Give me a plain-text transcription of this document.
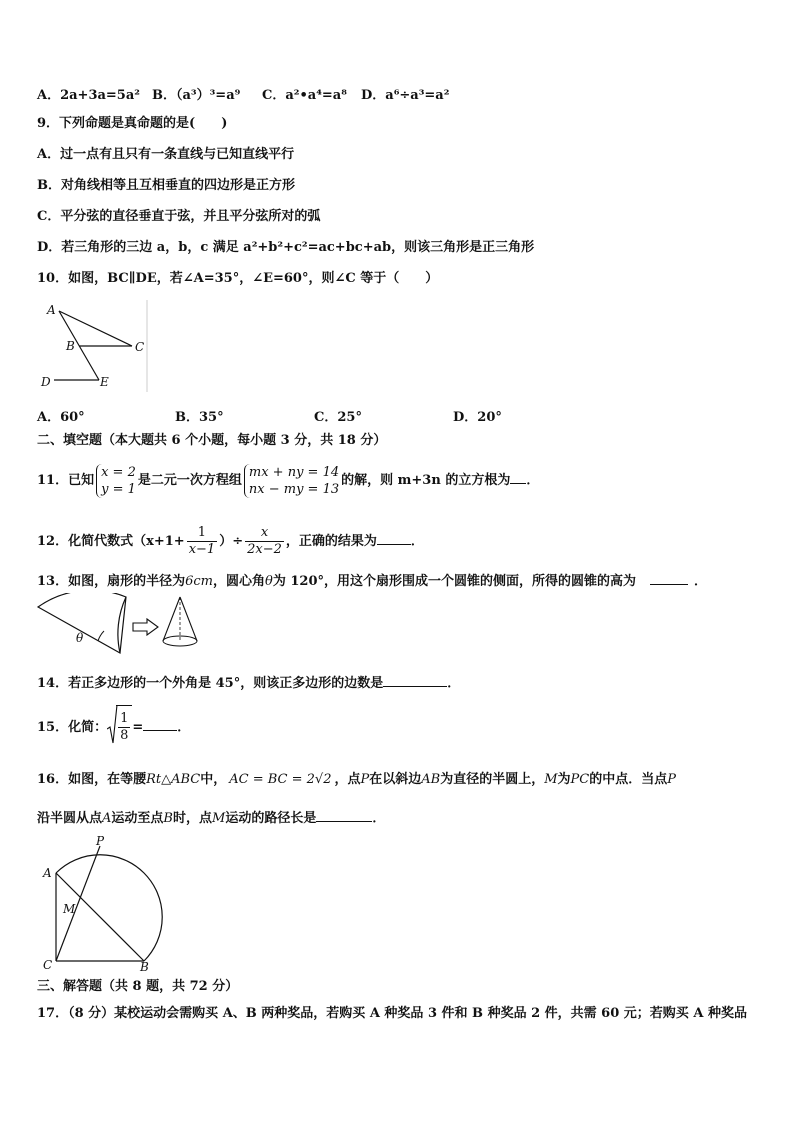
A．2a+3a=5a² B．（a³）³=a⁹ C．a²•a⁴=a⁸ D．a⁶÷a³=a²
9．下列命题是真命题的是(　　)
A．过一点有且只有一条直线与已知直线平行
B．对角线相等且互相垂直的四边形是正方形
C．平分弦的直径垂直于弦，并且平分弦所对的弧
D．若三角形的三边 a，b，c 满足 a²+b²+c²=ac+bc+ab，则该三角形是正三角形
10．如图，BC∥DE，若∠A=35°，∠E=60°，则∠C 等于（　　）
A
B	C
D	E
A．60°	B．35°	C．25°	D．20°
二、填空题（本大题共 6 个小题，每小题 3 分，共 18 分）
11．已知x = 2
y = 1是二元一次方程组mx + ny = 14
nx − my = 13的解，则 m+3n 的立方根为 ．
12．化简代数式（$x+1+ \frac{1}{x-1}$ ）÷ $\frac{x}{2x-2}$ ，正确的结果为	．
13．如图，扇形的半径为6cm，圆心角θ为 120°，用这个扇形围成一个圆锥的侧面，所得的圆锥的高为	．
θ
14．若正多边形的一个外角是 45°，则该正多边形的边数是	．
15．化简： $\frac{1}{8}$ =	．
16．如图，在等腰Rt△ABC中， AC = BC = 2√2 ，点P在以斜边AB为直径的半圆上，M为PC的中点．当点P
沿半圆从点A运动至点B时，点M运动的路径长是	．
P
A
M
C	B
三、解答题（共 8 题，共 72 分）
17．（8 分）某校运动会需购买 A、B 两种奖品，若购买 A 种奖品 3 件和 B 种奖品 2 件，共需 60 元；若购买 A 种奖品
